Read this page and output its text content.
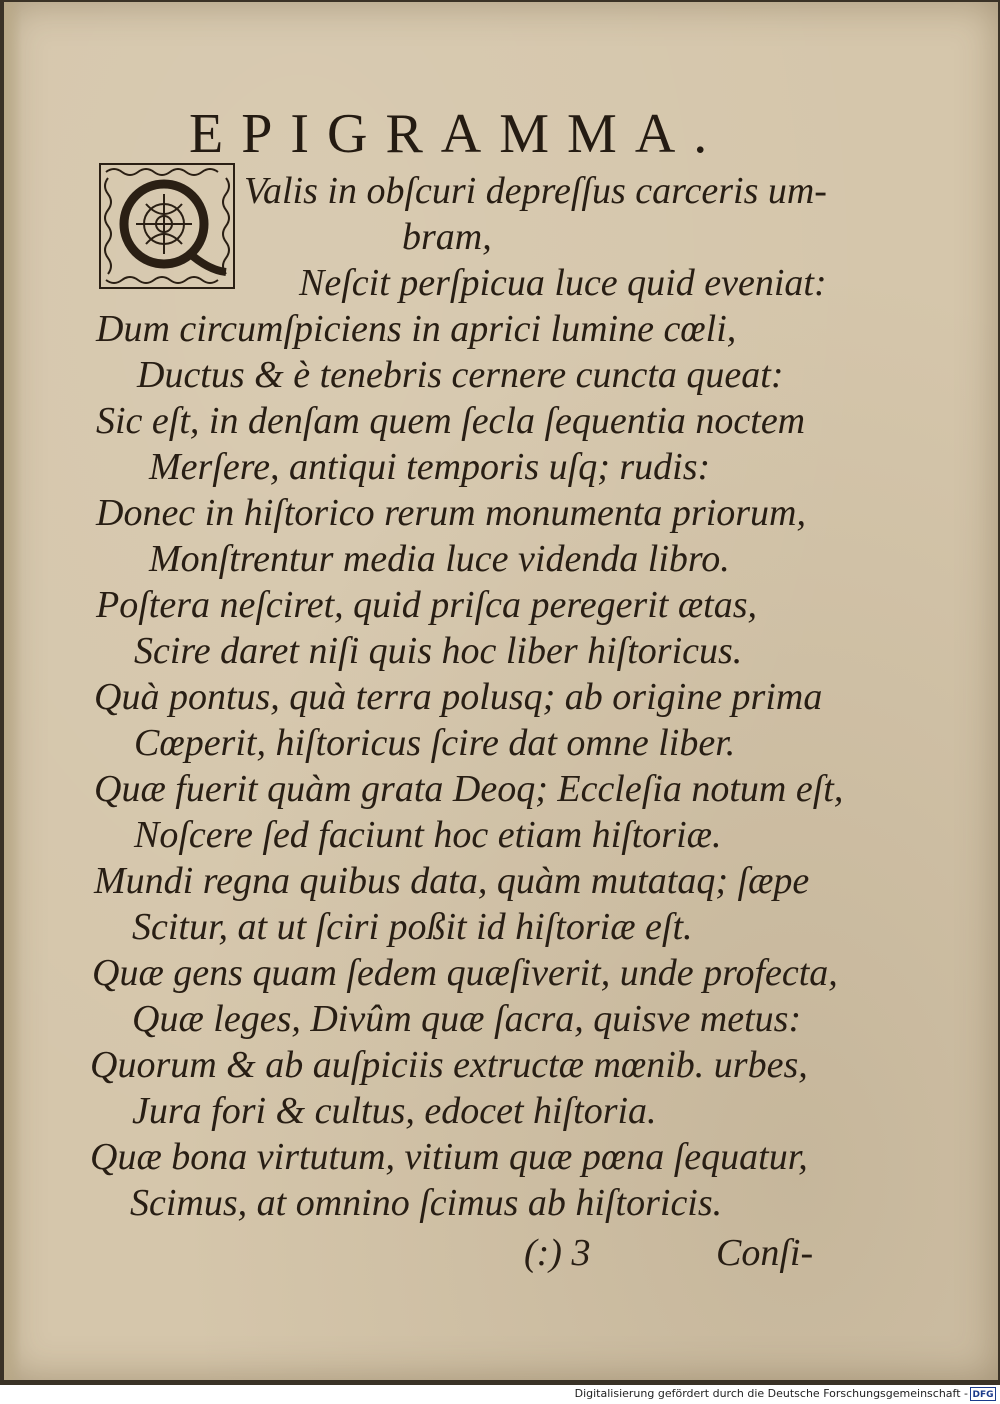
EPIGRAMMA.
Valis in obſcuri depreſſus carceris um-
bram,
Neſcit perſpicua luce quid eveniat:
Dum circumſpiciens in aprici lumine cœli,
Ductus & è tenebris cernere cuncta queat:
Sic eſt, in denſam quem ſecla ſequentia noctem
Merſere, antiqui temporis uſq; rudis:
Donec in hiſtorico rerum monumenta priorum,
Monſtrentur media luce videnda libro.
Poſtera neſciret, quid priſca peregerit ætas,
Scire daret niſi quis hoc liber hiſtoricus.
Quà pontus, quà terra polusq; ab origine prima
Cœperit, hiſtoricus ſcire dat omne liber.
Quæ fuerit quàm grata Deoq; Eccleſia notum eſt,
Noſcere ſed faciunt hoc etiam hiſtoriæ.
Mundi regna quibus data, quàm mutataq; ſæpe
Scitur, at ut ſciri poßit id hiſtoriæ eſt.
Quæ gens quam ſedem quæſiverit, unde profecta,
Quæ leges, Divûm quæ ſacra, quisve metus:
Quorum & ab auſpiciis extructæ mœnib. urbes,
Jura fori & cultus, edocet hiſtoria.
Quæ bona virtutum, vitium quæ pœna ſequatur,
Scimus, at omnino ſcimus ab hiſtoricis.
(:) 3	Conſi-
Digitalisierung gefördert durch die Deutsche Forschungsgemeinschaft - DFG
